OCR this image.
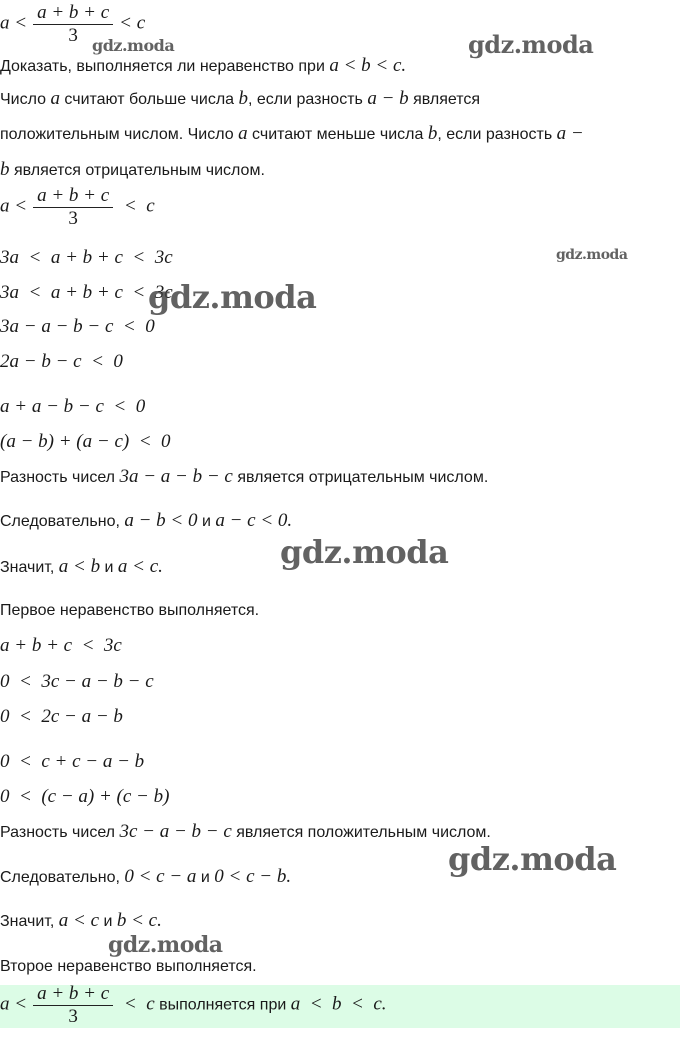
$a < \frac{a + b + c}{3} < c$
Доказать, выполняется ли неравенство при a < b < c.
Число a считают больше числа b, если разность a − b является
положительным числом. Число a считают меньше числа b, если разность a −
b является отрицательным числом.
$a < \frac{a + b + c}{3} < c$
3a  <  a + b + c  <  3c
3a  <  a + b + c  <  3c
3a − a − b − c  <  0
2a − b − c  <  0
a + a − b − c  <  0
(a − b) + (a − c)  <  0
Разность чисел 3a − a − b − c является отрицательным числом.
Следовательно, a − b < 0 и a − c < 0.
Значит, a < b и a < c.
Первое неравенство выполняется.
a + b + c  <  3c
0  <  3c − a − b − c
0  <  2c − a − b
0  <  c + c − a − b
0  <  (c − a) + (c − b)
Разность чисел 3c − a − b − c является положительным числом.
Следовательно, 0 < c − a и 0 < c − b.
Значит, a < c и b < c.
Второе неравенство выполняется.
$a < \frac{a + b + c}{3} < c$ выполняется при a  <  b  <  c.
gdz.moda	gdz.moda
gdz.moda
gdz.moda
gdz.moda
gdz.moda
gdz.moda
